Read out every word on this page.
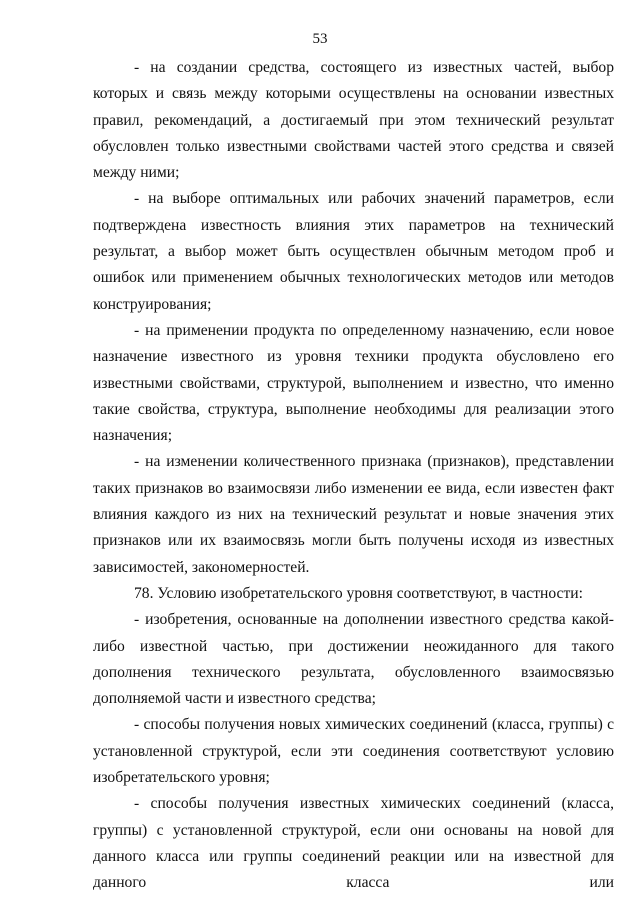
53

- на создании средства, состоящего из известных частей, выбор которых и связь между которыми осуществлены на основании известных правил, рекомендаций, а достигаемый при этом технический результат обусловлен только известными свойствами частей этого средства и связей между ними;

- на выборе оптимальных или рабочих значений параметров, если подтверждена известность влияния этих параметров на технический результат, а выбор может быть осуществлен обычным методом проб и ошибок или применением обычных технологических методов или методов конструирования;

- на применении продукта по определенному назначению, если новое назначение известного из уровня техники продукта обусловлено его известными свойствами, структурой, выполнением и известно, что именно такие свойства, структура, выполнение необходимы для реализации этого назначения;

- на изменении количественного признака (признаков), представлении таких признаков во взаимосвязи либо изменении ее вида, если известен факт влияния каждого из них на технический результат и новые значения этих признаков или их взаимосвязь могли быть получены исходя из известных зависимостей, закономерностей.

78. Условию изобретательского уровня соответствуют, в частности:

- изобретения, основанные на дополнении известного средства какой-либо известной частью, при достижении неожиданного для такого дополнения технического результата, обусловленного взаимосвязью дополняемой части и известного средства;

- способы получения новых химических соединений (класса, группы) с установленной структурой, если эти соединения соответствуют условию изобретательского уровня;

- способы получения известных химических соединений (класса, группы) с установленной структурой, если они основаны на новой для данного класса или группы соединений реакции или на известной для данного класса или
